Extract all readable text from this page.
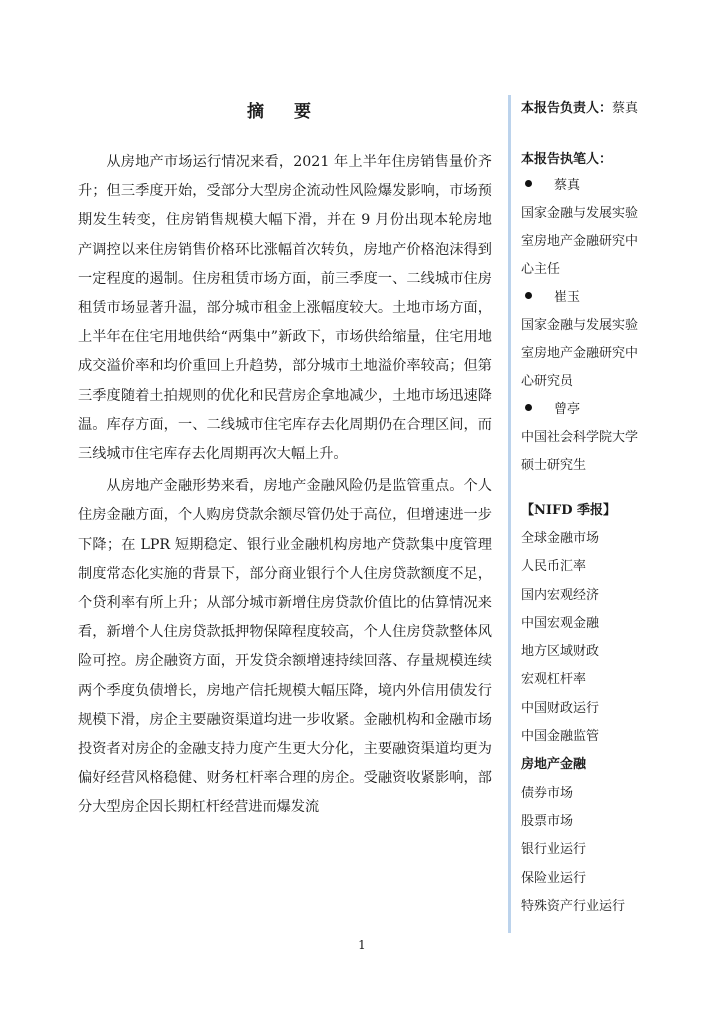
摘 要

从房地产市场运行情况来看，2021 年上半年住房销售量价齐升；但三季度开始，受部分大型房企流动性风险爆发影响，市场预期发生转变，住房销售规模大幅下滑，并在 9 月份出现本轮房地产调控以来住房销售价格环比涨幅首次转负，房地产价格泡沫得到一定程度的遏制。住房租赁市场方面，前三季度一、二线城市住房租赁市场显著升温，部分城市租金上涨幅度较大。土地市场方面，上半年在住宅用地供给“两集中”新政下，市场供给缩量，住宅用地成交溢价率和均价重回上升趋势，部分城市土地溢价率较高；但第三季度随着土拍规则的优化和民营房企拿地减少，土地市场迅速降温。库存方面，一、二线城市住宅库存去化周期仍在合理区间，而三线城市住宅库存去化周期再次大幅上升。

从房地产金融形势来看，房地产金融风险仍是监管重点。个人住房金融方面，个人购房贷款余额尽管仍处于高位，但增速进一步下降；在 LPR 短期稳定、银行业金融机构房地产贷款集中度管理制度常态化实施的背景下，部分商业银行个人住房贷款额度不足，个贷利率有所上升；从部分城市新增住房贷款价值比的估算情况来看，新增个人住房贷款抵押物保障程度较高，个人住房贷款整体风险可控。房企融资方面，开发贷余额增速持续回落、存量规模连续两个季度负债增长，房地产信托规模大幅压降，境内外信用债发行规模下滑，房企主要融资渠道均进一步收紧。金融机构和金融市场投资者对房企的金融支持力度产生更大分化，主要融资渠道均更为偏好经营风格稳健、财务杠杆率合理的房企。受融资收紧影响，部分大型房企因长期杠杆经营进而爆发流

本报告负责人：蔡真
本报告执笔人：
蔡真
国家金融与发展实验
室房地产金融研究中
心主任
崔玉
国家金融与发展实验
室房地产金融研究中
心研究员
曾亭
中国社会科学院大学
硕士研究生
【NIFD 季报】
全球金融市场
人民币汇率
国内宏观经济
中国宏观金融
地方区域财政
宏观杠杆率
中国财政运行
中国金融监管
房地产金融
债券市场
股票市场
银行业运行
保险业运行
特殊资产行业运行
1
